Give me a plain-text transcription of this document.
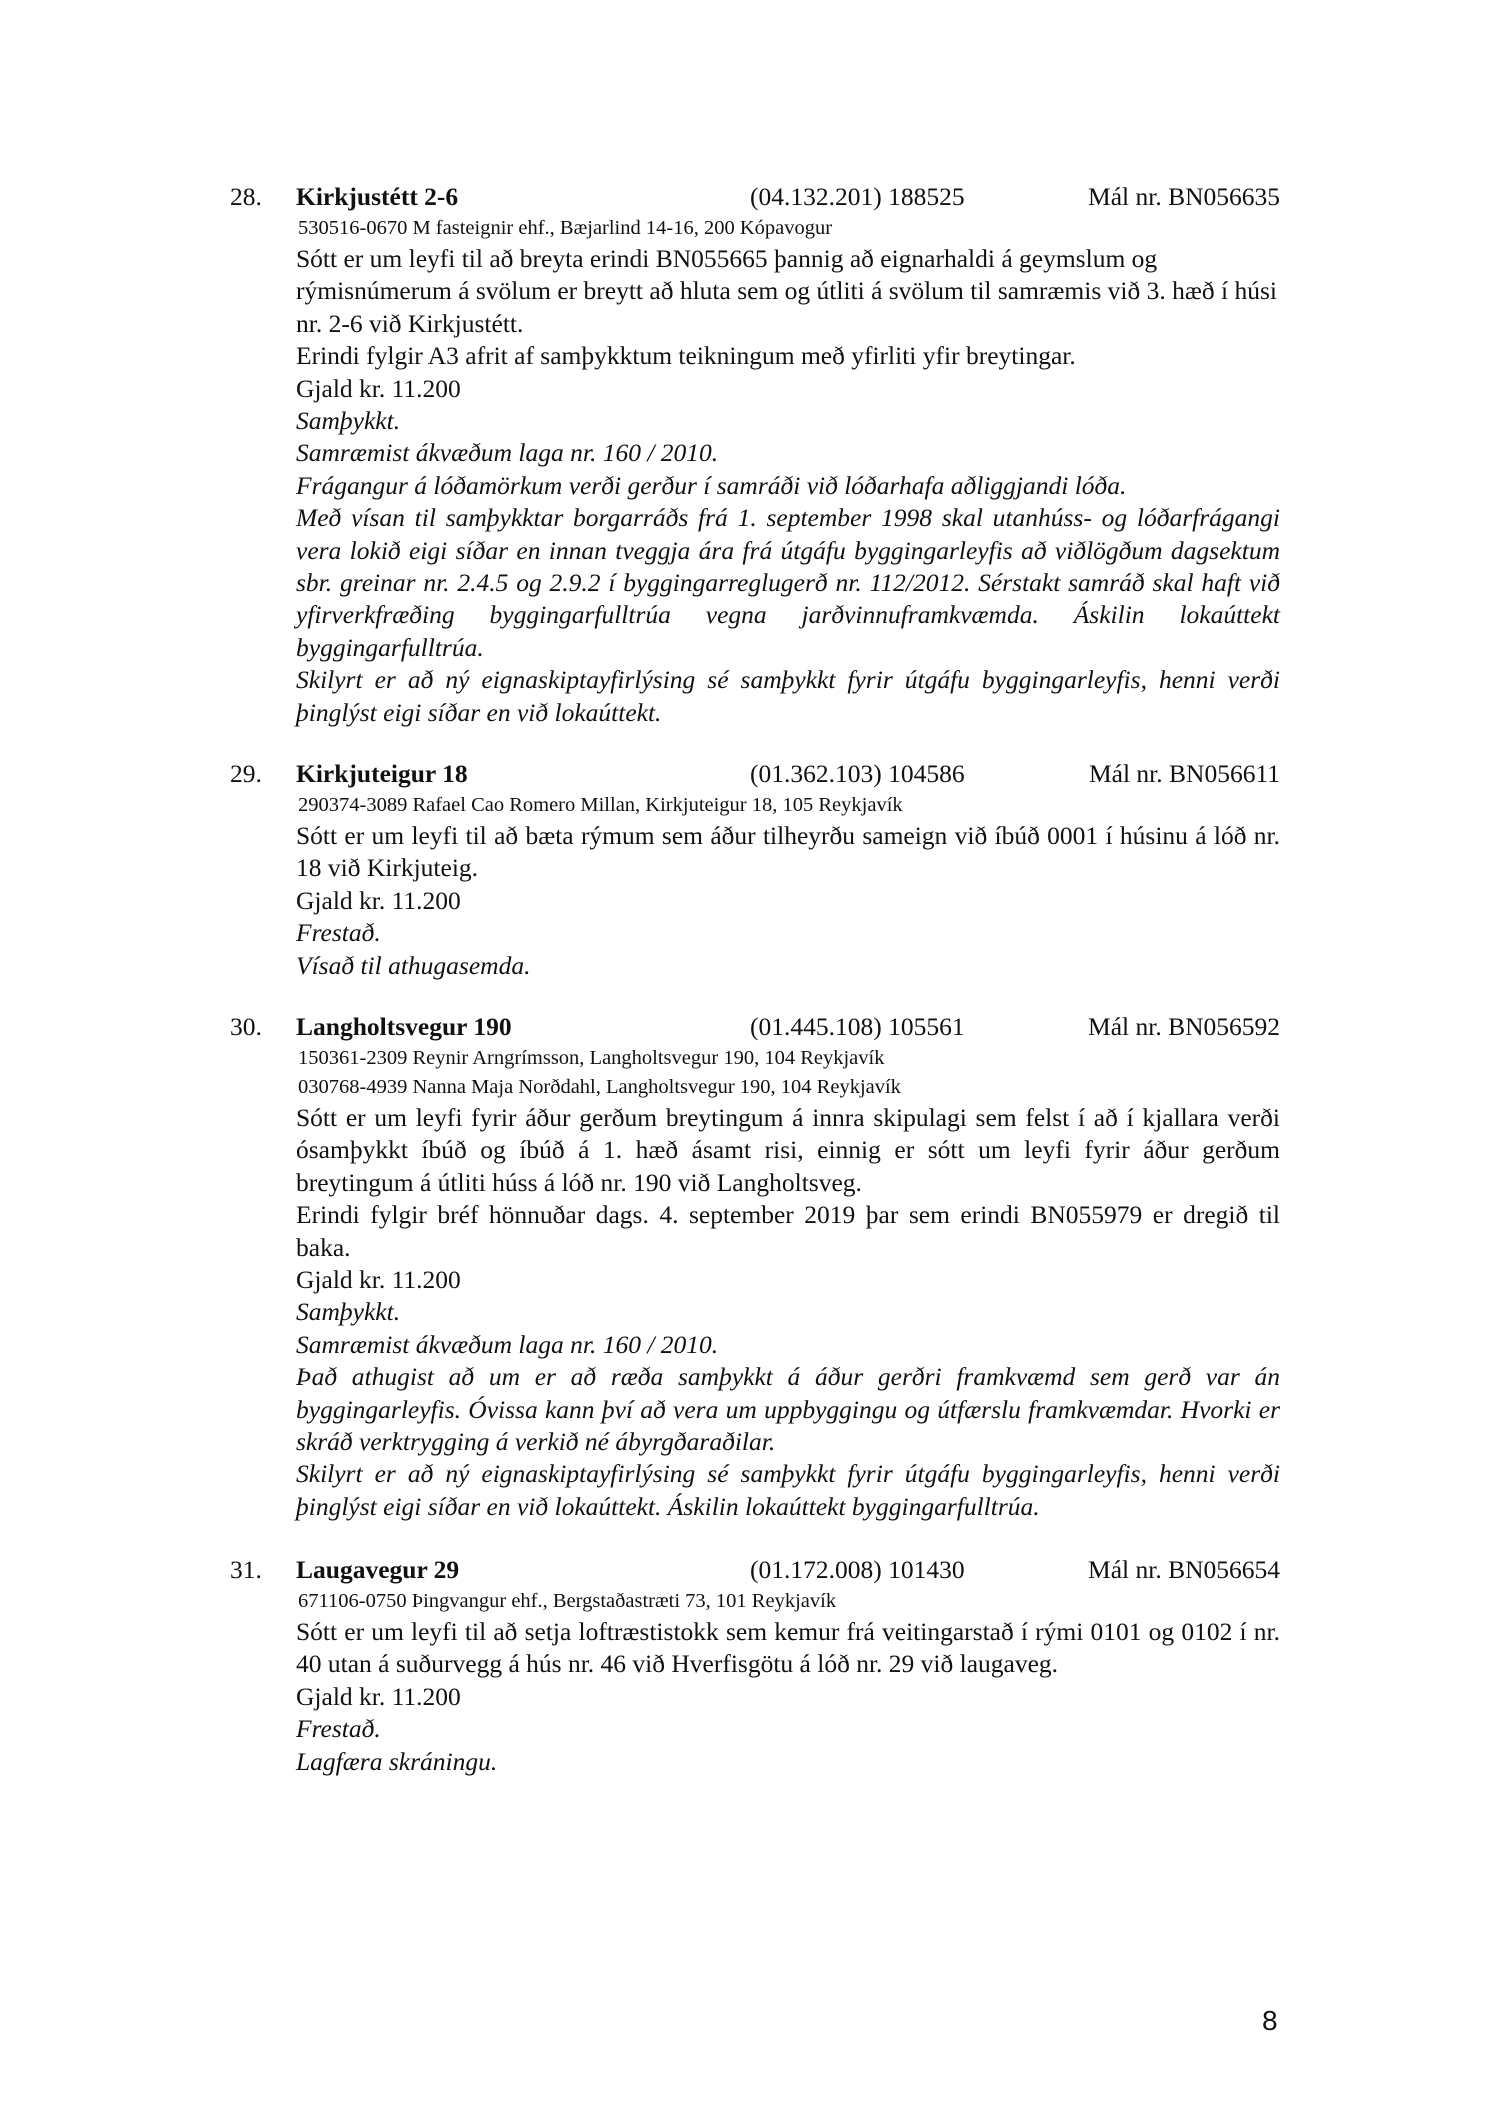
28. Kirkjustétt 2-6	(04.132.201) 188525	Mál nr. BN056635
530516-0670 M fasteignir ehf., Bæjarlind 14-16, 200 Kópavogur
Sótt er um leyfi til að breyta erindi BN055665 þannig að eignarhaldi á geymslum og rýmisnúmerum á svölum er breytt að hluta sem og útliti á svölum til samræmis við 3. hæð í húsi nr. 2-6 við Kirkjustétt.
Erindi fylgir A3 afrit af samþykktum teikningum með yfirliti yfir breytingar.
Gjald kr. 11.200
Samþykkt.
Samræmist ákvæðum laga nr. 160 / 2010.
Frágangur á lóðamörkum verði gerður í samráði við lóðarhafa aðliggjandi lóða.
Með vísan til samþykktar borgarráðs frá 1. september 1998 skal utanhúss- og lóðarfrágangi vera lokið eigi síðar en innan tveggja ára frá útgáfu byggingarleyfis að viðlögðum dagsektum sbr. greinar nr. 2.4.5 og 2.9.2 í byggingarreglugerð nr. 112/2012. Sérstakt samráð skal haft við yfirverkfræðing byggingarfulltrúa vegna jarðvinnuframkvæmda. Áskilin lokaúttekt byggingarfulltrúa.
Skilyrt er að ný eignaskiptayfirlýsing sé samþykkt fyrir útgáfu byggingarleyfis, henni verði þinglýst eigi síðar en við lokaúttekt.
29. Kirkjuteigur 18	(01.362.103) 104586	Mál nr. BN056611
290374-3089 Rafael Cao Romero Millan, Kirkjuteigur 18, 105 Reykjavík
Sótt er um leyfi til að bæta rýmum sem áður tilheyrðu sameign við íbúð 0001 í húsinu á lóð nr. 18 við Kirkjuteig.
Gjald kr. 11.200
Frestað.
Vísað til athugasemda.
30. Langholtsvegur 190	(01.445.108) 105561	Mál nr. BN056592
150361-2309 Reynir Arngrímsson, Langholtsvegur 190, 104 Reykjavík
030768-4939 Nanna Maja Norðdahl, Langholtsvegur 190, 104 Reykjavík
Sótt er um leyfi fyrir áður gerðum breytingum á innra skipulagi sem felst í að í kjallara verði ósamþykkt íbúð og íbúð á 1. hæð ásamt risi, einnig er sótt um leyfi fyrir áður gerðum breytingum á útliti húss á lóð nr. 190 við Langholtsveg.
Erindi fylgir bréf hönnuðar dags. 4. september 2019 þar sem erindi BN055979 er dregið til baka.
Gjald kr. 11.200
Samþykkt.
Samræmist ákvæðum laga nr. 160 / 2010.
Það athugist að um er að ræða samþykkt á áður gerðri framkvæmd sem gerð var án byggingarleyfis. Óvissa kann því að vera um uppbyggingu og útfærslu framkvæmdar. Hvorki er skráð verktrygging á verkið né ábyrgðaraðilar.
Skilyrt er að ný eignaskiptayfirlýsing sé samþykkt fyrir útgáfu byggingarleyfis, henni verði þinglýst eigi síðar en við lokaúttekt. Áskilin lokaúttekt byggingarfulltrúa.
31. Laugavegur 29	(01.172.008) 101430	Mál nr. BN056654
671106-0750 Þingvangur ehf., Bergstaðastræti 73, 101 Reykjavík
Sótt er um leyfi til að setja loftræstistokk sem kemur frá veitingarstað í rými 0101 og 0102 í nr. 40 utan á suðurvegg á hús nr. 46 við Hverfisgötu á lóð nr. 29 við laugaveg.
Gjald kr. 11.200
Frestað.
Lagfæra skráningu.
8
